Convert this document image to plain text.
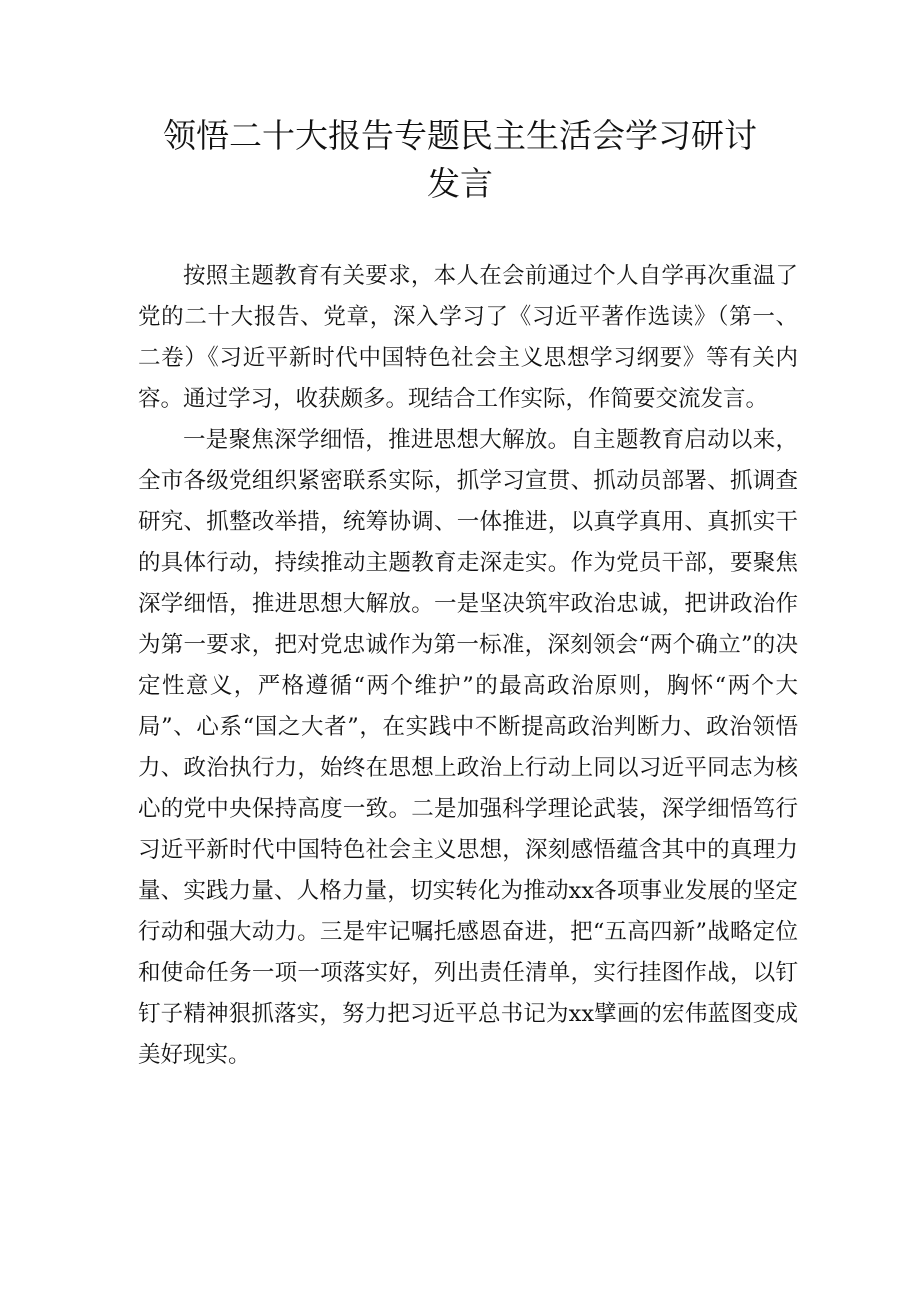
领悟二十大报告专题民主生活会学习研讨
发言

按照主题教育有关要求，本人在会前通过个人自学再次重温了党的二十大报告、党章，深入学习了《习近平著作选读》（第一、二卷）《习近平新时代中国特色社会主义思想学习纲要》等有关内容。通过学习，收获颇多。现结合工作实际，作简要交流发言。

一是聚焦深学细悟，推进思想大解放。自主题教育启动以来，全市各级党组织紧密联系实际，抓学习宣贯、抓动员部署、抓调查研究、抓整改举措，统筹协调、一体推进，以真学真用、真抓实干的具体行动，持续推动主题教育走深走实。作为党员干部，要聚焦深学细悟，推进思想大解放。一是坚决筑牢政治忠诚，把讲政治作为第一要求，把对党忠诚作为第一标准，深刻领会“两个确立”的决定性意义，严格遵循“两个维护”的最高政治原则，胸怀“两个大局”、心系“国之大者”，在实践中不断提高政治判断力、政治领悟力、政治执行力，始终在思想上政治上行动上同以习近平同志为核心的党中央保持高度一致。二是加强科学理论武装，深学细悟笃行习近平新时代中国特色社会主义思想，深刻感悟蕴含其中的真理力量、实践力量、人格力量，切实转化为推动xx各项事业发展的坚定行动和强大动力。三是牢记嘱托感恩奋进，把“五高四新”战略定位和使命任务一项一项落实好，列出责任清单，实行挂图作战，以钉钉子精神狠抓落实，努力把习近平总书记为xx擘画的宏伟蓝图变成美好现实。
